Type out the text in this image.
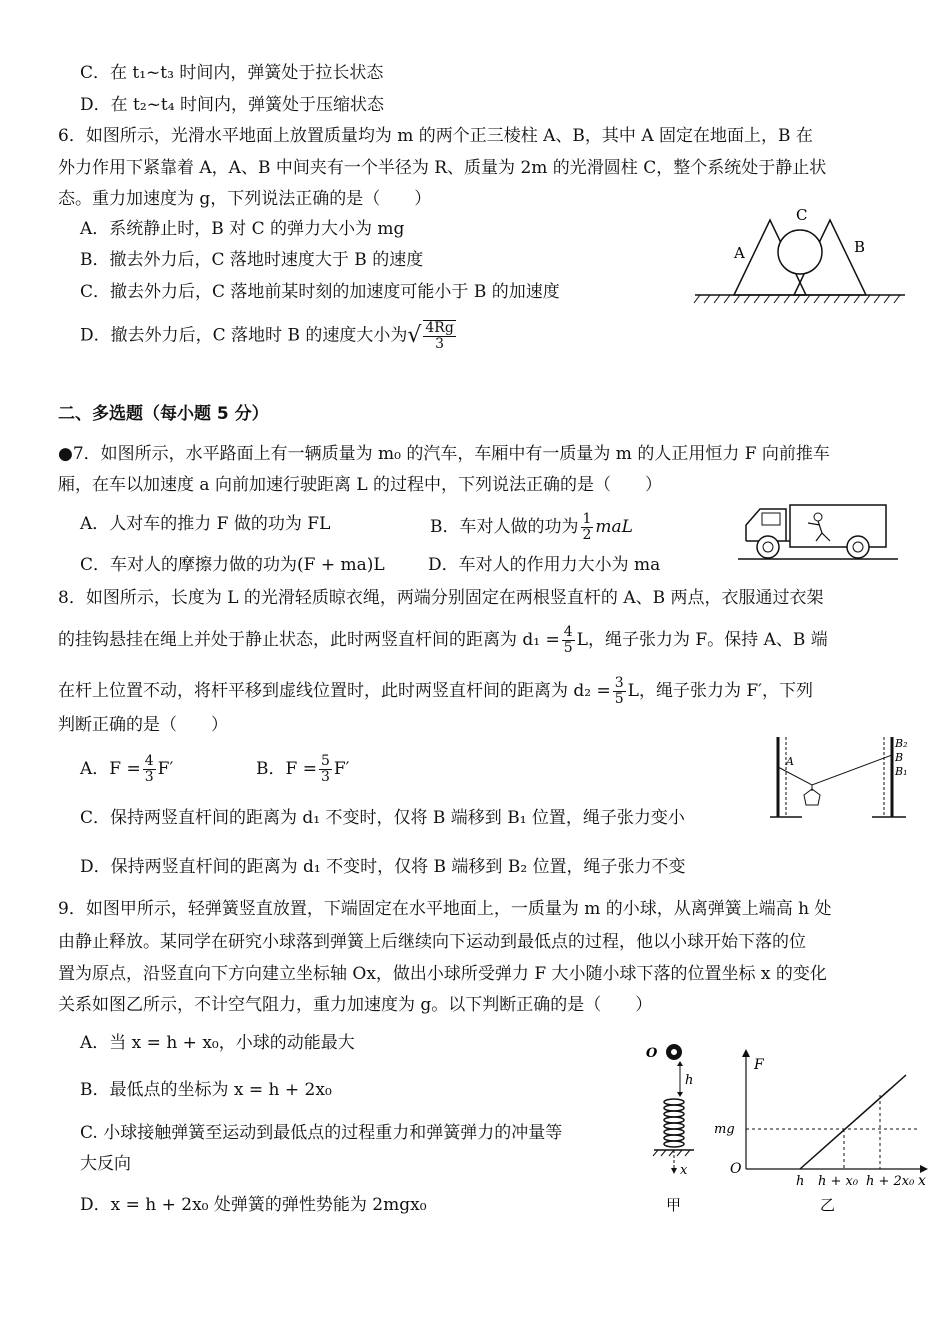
C．在 t₁~t₃ 时间内，弹簧处于拉长状态
D．在 t₂~t₄ 时间内，弹簧处于压缩状态
6．如图所示，光滑水平地面上放置质量均为 m 的两个正三棱柱 A、B，其中 A 固定在地面上，B 在
外力作用下紧靠着 A，A、B 中间夹有一个半径为 R、质量为 2m 的光滑圆柱 C，整个系统处于静止状
态。重力加速度为 g，下列说法正确的是（　　）
A．系统静止时，B 对 C 的弹力大小为 mg
B．撤去外力后，C 落地时速度大于 B 的速度
C．撤去外力后，C 落地前某时刻的加速度可能小于 B 的加速度
D．撤去外力后，C 落地时 B 的速度大小为√ $\frac{4Rg}{3}$
A
C
B
二、多选题（每小题 5 分）
●7．如图所示，水平路面上有一辆质量为 m₀ 的汽车，车厢中有一质量为 m 的人正用恒力 F 向前推车
厢，在车以加速度 a 向前加速行驶距离 L 的过程中，下列说法正确的是（　　）
A．人对车的推力 F 做的功为 FL	B．车对人做的功为 $\frac{1}{2}$ maL
C．车对人的摩擦力做的功为(F + ma)L	D．车对人的作用力大小为 ma
8．如图所示，长度为 L 的光滑轻质晾衣绳，两端分别固定在两根竖直杆的 A、B 两点，衣服通过衣架
的挂钩悬挂在绳上并处于静止状态，此时两竖直杆间的距离为 $d_1 = \frac{4}{5}$ L，绳子张力为 F。保持 A、B 端
在杆上位置不动，将杆平移到虚线位置时，此时两竖直杆间的距离为 $d_2 = \frac{3}{5}$ L，绳子张力为 F′，下列
判断正确的是（　　）
A．$F = \frac{4}{3} F'$	B．$F = \frac{5}{3} F'$
C．保持两竖直杆间的距离为 d₁ 不变时，仅将 B 端移到 B₁ 位置，绳子张力变小
D．保持两竖直杆间的距离为 d₁ 不变时，仅将 B 端移到 B₂ 位置，绳子张力不变
A
B₂
B
B₁
9．如图甲所示，轻弹簧竖直放置，下端固定在水平地面上，一质量为 m 的小球，从离弹簧上端高 h 处
由静止释放。某同学在研究小球落到弹簧上后继续向下运动到最低点的过程，他以小球开始下落的位
置为原点，沿竖直向下方向建立坐标轴 Ox，做出小球所受弹力 F 大小随小球下落的位置坐标 x 的变化
关系如图乙所示，不计空气阻力，重力加速度为 g。以下判断正确的是（　　）
A．当 x = h + x₀，小球的动能最大
B．最低点的坐标为 x = h + 2x₀
C. 小球接触弹簧至运动到最低点的过程重力和弹簧弹力的冲量等
大反向
D．x = h + 2x₀ 处弹簧的弹性势能为 2mgx₀
O
h
x
甲
F
O
x
mg
h h + x₀ h + 2x₀
乙
